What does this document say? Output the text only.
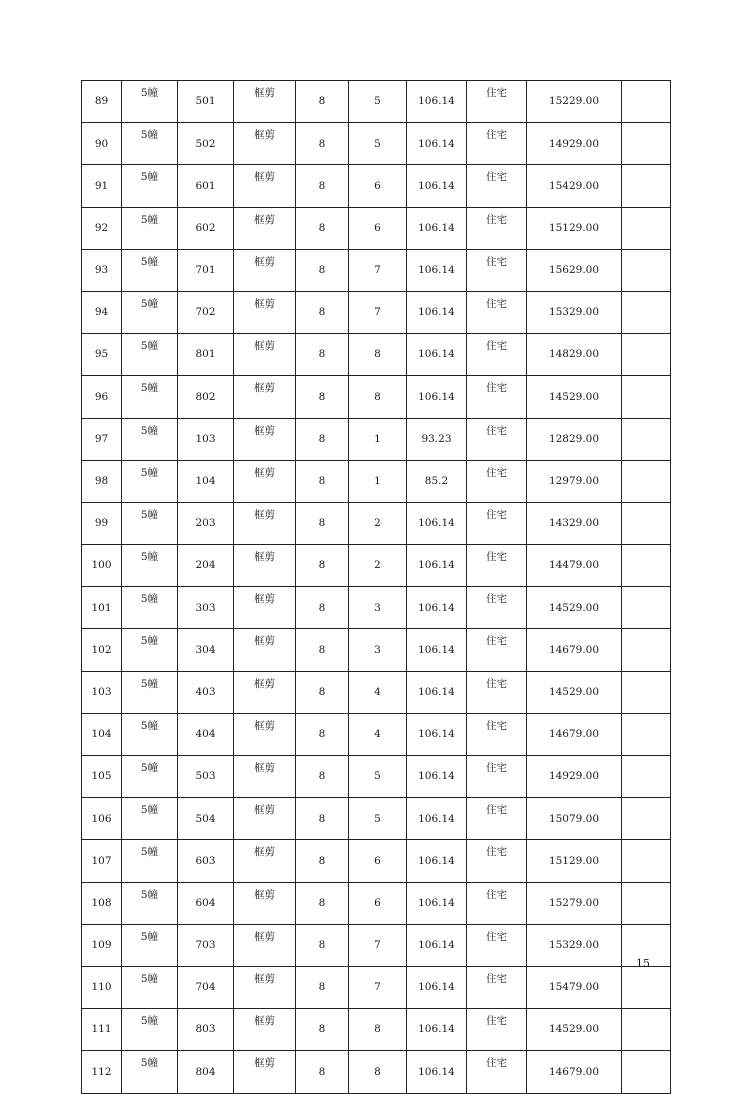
89	5幢	501	框剪	8	5	106.14	住宅	15229.00	
90	5幢	502	框剪	8	5	106.14	住宅	14929.00	
91	5幢	601	框剪	8	6	106.14	住宅	15429.00	
92	5幢	602	框剪	8	6	106.14	住宅	15129.00	
93	5幢	701	框剪	8	7	106.14	住宅	15629.00	
94	5幢	702	框剪	8	7	106.14	住宅	15329.00	
95	5幢	801	框剪	8	8	106.14	住宅	14829.00	
96	5幢	802	框剪	8	8	106.14	住宅	14529.00	
97	5幢	103	框剪	8	1	93.23	住宅	12829.00	
98	5幢	104	框剪	8	1	85.2	住宅	12979.00	
99	5幢	203	框剪	8	2	106.14	住宅	14329.00	
100	5幢	204	框剪	8	2	106.14	住宅	14479.00	
101	5幢	303	框剪	8	3	106.14	住宅	14529.00	
102	5幢	304	框剪	8	3	106.14	住宅	14679.00	
103	5幢	403	框剪	8	4	106.14	住宅	14529.00	
104	5幢	404	框剪	8	4	106.14	住宅	14679.00	
105	5幢	503	框剪	8	5	106.14	住宅	14929.00	
106	5幢	504	框剪	8	5	106.14	住宅	15079.00	
107	5幢	603	框剪	8	6	106.14	住宅	15129.00	
108	5幢	604	框剪	8	6	106.14	住宅	15279.00	
109	5幢	703	框剪	8	7	106.14	住宅	15329.00	
110	5幢	704	框剪	8	7	106.14	住宅	15479.00	
111	5幢	803	框剪	8	8	106.14	住宅	14529.00	
112	5幢	804	框剪	8	8	106.14	住宅	14679.00	
15
